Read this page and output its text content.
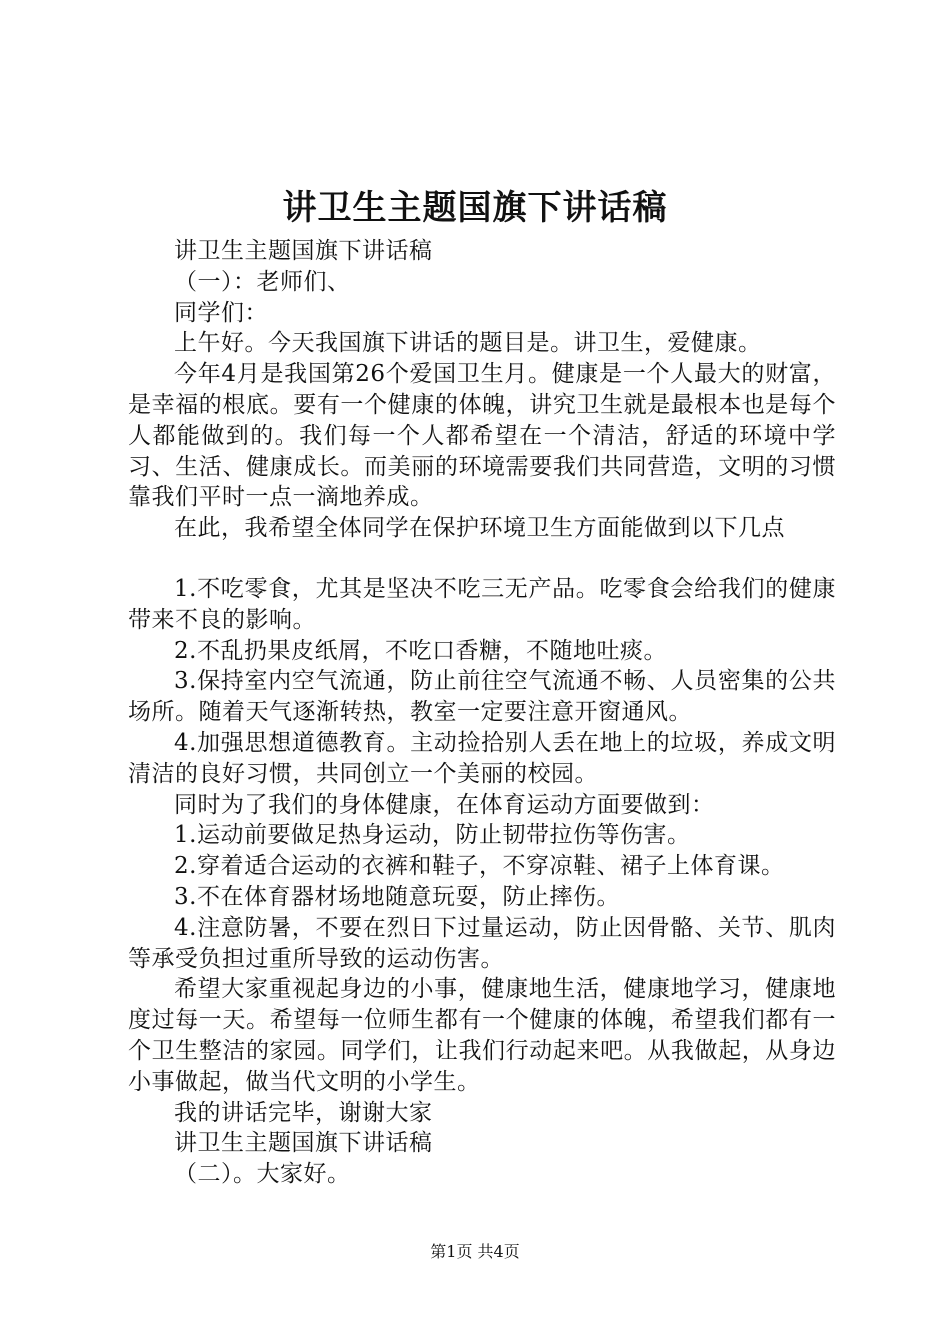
讲卫生主题国旗下讲话稿

讲卫生主题国旗下讲话稿

（一）：老师们、

同学们：

上午好。今天我国旗下讲话的题目是。讲卫生，爱健康。

今年4月是我国第26个爱国卫生月。健康是一个人最大的财富，是幸福的根底。要有一个健康的体魄，讲究卫生就是最根本也是每个人都能做到的。我们每一个人都希望在一个清洁，舒适的环境中学习、生活、健康成长。而美丽的环境需要我们共同营造，文明的习惯靠我们平时一点一滴地养成。

在此，我希望全体同学在保护环境卫生方面能做到以下几点

1.不吃零食，尤其是坚决不吃三无产品。吃零食会给我们的健康带来不良的影响。

2.不乱扔果皮纸屑，不吃口香糖，不随地吐痰。

3.保持室内空气流通，防止前往空气流通不畅、人员密集的公共场所。随着天气逐渐转热，教室一定要注意开窗通风。

4.加强思想道德教育。主动捡拾别人丢在地上的垃圾，养成文明清洁的良好习惯，共同创立一个美丽的校园。

同时为了我们的身体健康，在体育运动方面要做到：

1.运动前要做足热身运动，防止韧带拉伤等伤害。

2.穿着适合运动的衣裤和鞋子，不穿凉鞋、裙子上体育课。

3.不在体育器材场地随意玩耍，防止摔伤。

4.注意防暑，不要在烈日下过量运动，防止因骨骼、关节、肌肉等承受负担过重所导致的运动伤害。

希望大家重视起身边的小事，健康地生活，健康地学习，健康地度过每一天。希望每一位师生都有一个健康的体魄，希望我们都有一个卫生整洁的家园。同学们，让我们行动起来吧。从我做起，从身边小事做起，做当代文明的小学生。

我的讲话完毕，谢谢大家

讲卫生主题国旗下讲话稿

（二）。大家好。

第1页 共4页
